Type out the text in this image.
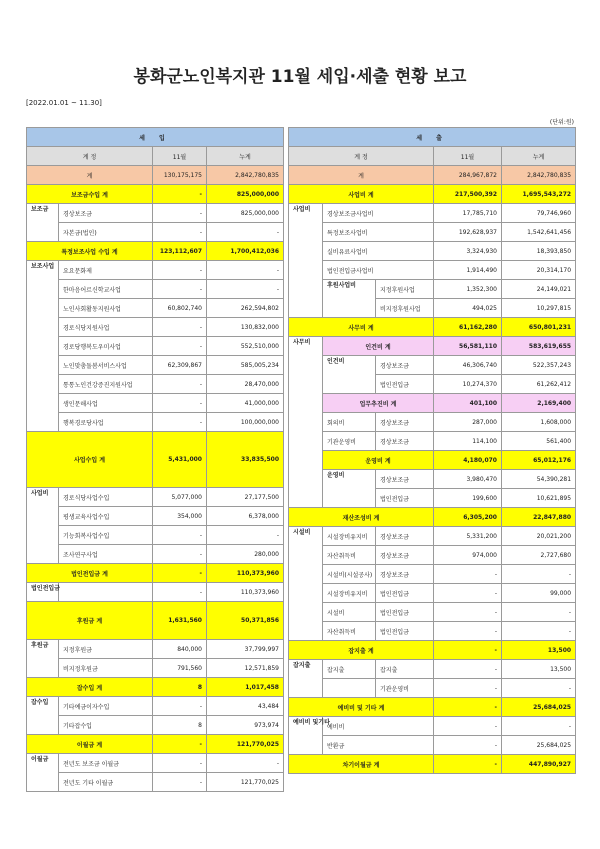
봉화군노인복지관 11월 세입·세출 현황 보고
[2022.01.01 ~ 11.30]
(단위:원)
세 입			
계 정		11월	누계
계		130,175,175	2,842,780,835
보조금수입 계		-	825,000,000
보조금	경상보조금	-	825,000,000
	자본금(법인)	-	-
특정보조사업 수입 계		123,112,607	1,700,412,036
보조사업	요요문화제	-	-
	한마음어르신학교사업	-	-
	노인사회활동지원사업	60,802,740	262,594,802
	경로식당지원사업	-	130,832,000
	경로당행복도우미사업	-	552,510,000
	노인맞춤돌봄서비스사업	62,309,867	585,005,234
	통통노인건강증진지원사업	-	28,470,000
	생인문해사업	-	41,000,000
	행복경로당사업	-	100,000,000
사업수입 계		5,431,000	33,835,500
사업비	경로식당사업수입	5,077,000	27,177,500
	평생교육사업수입	354,000	6,378,000
	기능회복사업수입	-	-
	조사연구사업	-	280,000
법인전입금 계		-	110,373,960
법인전입금		-	110,373,960
후원금 계		1,631,560	50,371,856
후원금	지정후원금	840,000	37,799,997
	비지정후원금	791,560	12,571,859
잡수입 계		8	1,017,458
잡수입	기타예금이자수입	-	43,484
	기타잡수입	8	973,974
이월금 계		-	121,770,025
이월금	전년도 보조금 이월금	-	-
	전년도 기타 이월금	-	121,770,025
세 출				
계 정			11월	누계
계			284,967,872	2,842,780,835
사업비 계			217,500,392	1,695,543,272
사업비	경상보조금사업비		17,785,710	79,746,960
	특정보조사업비		192,628,937	1,542,641,456
	실비유료사업비		3,324,930	18,393,850
	법인전입금사업비		1,914,490	20,314,170
	후원사업비	지정후원사업	1,352,300	24,149,021
		비지정후원사업	494,025	10,297,815
사무비 계			61,162,280	650,801,231
사무비	인건비 계		56,581,110	583,619,655
	인건비	경상보조금	46,306,740	522,357,243
		법인전입금	10,274,370	61,262,412
	업무추진비 계		401,100	2,169,400
	회의비	경상보조금	287,000	1,608,000
	기관운영비	경상보조금	114,100	561,400
	운영비 계		4,180,070	65,012,176
	운영비	경상보조금	3,980,470	54,390,281
		법인전입금	199,600	10,621,895
재산조성비 계			6,305,200	22,847,880
시설비	시설장비유지비	경상보조금	5,331,200	20,021,200
	자산취득비	경상보조금	974,000	2,727,680
	시설비(시설공사)	경상보조금	-	-
	시설장비유지비	법인전입금	-	99,000
	시설비	법인전입금	-	-
	자산취득비	법인전입금	-	-
잡지출 계			-	13,500
잡지출	잡지출	잡지출	-	13,500
		기관운영비	-	-
예비비 및 기타 계			-	25,684,025
예비비 및기타	예비비		-	-
	반환금		-	25,684,025
차기이월금 계			-	447,890,927
